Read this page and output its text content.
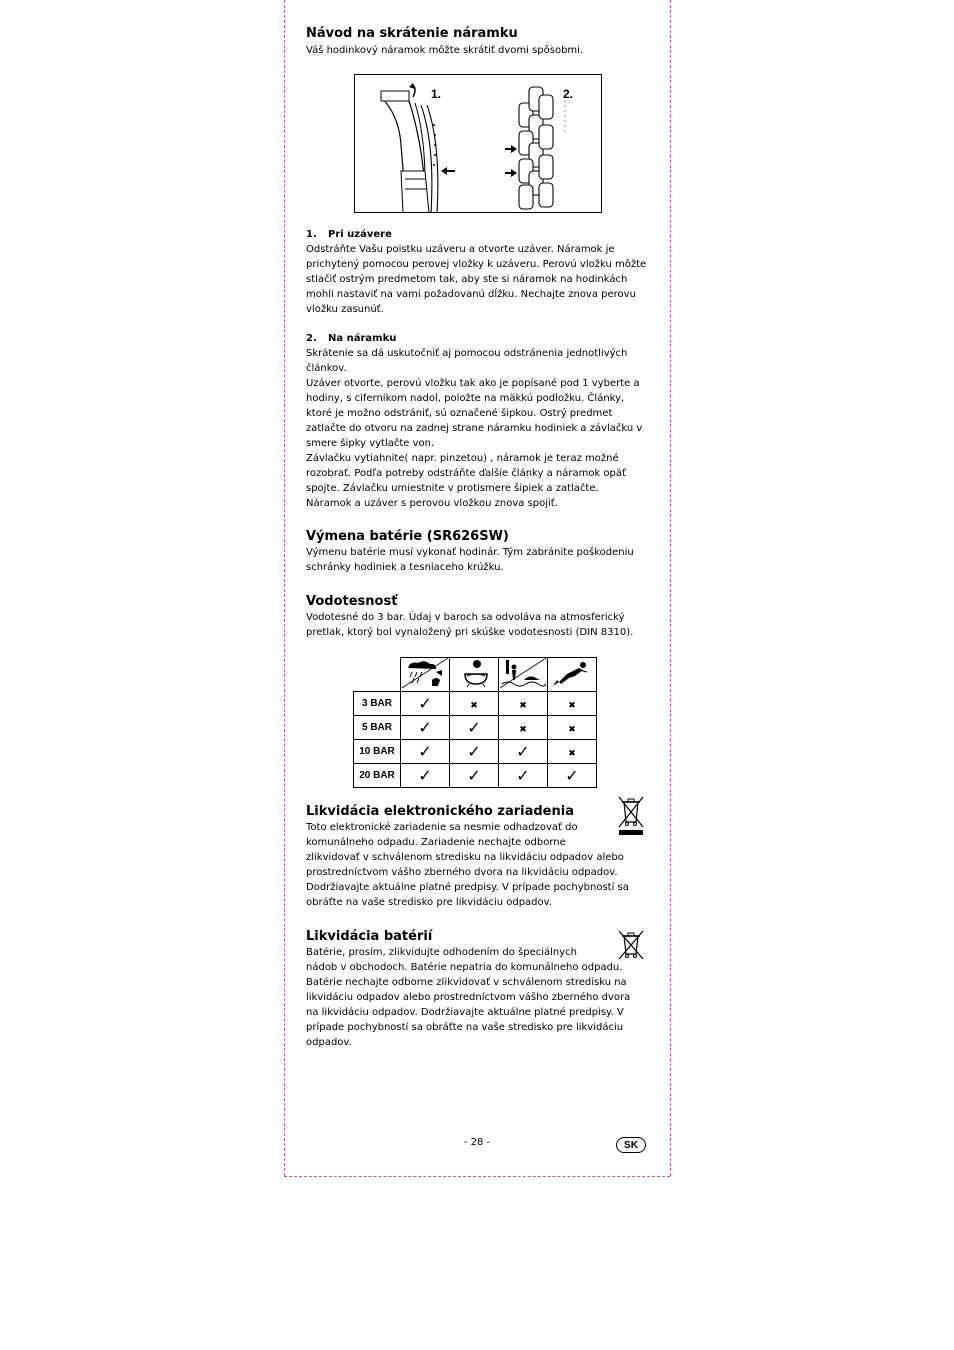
Návod na skrátenie náramku

Váš hodinkový náramok môžte skrátiť dvomi spôsobmi.

1.	2.
1. Pri uzávere

Odstráňte Vašu poistku uzáveru a otvorte uzáver. Náramok je

prichytený pomocou perovej vložky k uzáveru. Perovú vložku môžte

stlačiť ostrým predmetom tak, aby ste si náramok na hodinkách

mohli nastaviť na vami požadovanú dĺžku. Nechajte znova perovu

vložku zasunúť.

2. Na náramku

Skrátenie sa dá uskutočniť aj pomocou odstránenia jednotlivých

článkov.

Uzáver otvorte, perovú vložku tak ako je popísané pod 1 vyberte a

hodiny, s ciferníkom nadol, položte na mäkkú podložku. Články,

ktoré je možno odstrániť, sú označené šipkou. Ostrý predmet

zatlačte do otvoru na zadnej strane náramku hodiniek a závlačku v

smere šipky vytlačte von.

Závlačku vytiahnite( napr. pinzetou) , náramok je teraz možné

rozobrať. Podľa potreby odstráňte ďalšie články a náramok opäť

spojte. Závlačku umiestnite v protismere šipiek a zatlačte.

Náramok a uzáver s perovou vložkou znova spojiť.

Výmena batérie (SR626SW)

Výmenu batérie musí vykonať hodinár. Tým zabránite poškodeniu

schránky hodiniek a tesniaceho krúžku.

Vodotesnosť

Vodotesné do 3 bar. Údaj v baroch sa odvoláva na atmosferický

pretlak, ktorý bol vynaložený pri skúške vodotesnosti (DIN 8310).

3 BAR	✓	✖	✖	✖
5 BAR	✓	✓	✖	✖
10 BAR	✓	✓	✓	✖
20 BAR	✓	✓	✓	✓
Likvidácia elektronického zariadenia

Toto elektronické zariadenie sa nesmie odhadzovať do

komunálneho odpadu. Zariadenie nechajte odborne

zlikvidovať v schválenom stredisku na likvidáciu odpadov alebo

prostredníctvom vášho zberného dvora na likvidáciu odpadov.

Dodržiavajte aktuálne platné predpisy. V prípade pochybností sa

obráťte na vaše stredisko pre likvidáciu odpadov.

Likvidácia batérií

Batérie, prosím, zlikvidujte odhodením do špeciálnych

nádob v obchodoch. Batérie nepatria do komunálneho odpadu.

Batérie nechajte odborne zlikvidovať v schválenom stredisku na

likvidáciu odpadov alebo prostredníctvom vášho zberného dvora

na likvidáciu odpadov. Dodržiavajte aktuálne platné predpisy. V

prípade pochybností sa obráťte na vaše stredisko pre likvidáciu

odpadov.

- 28 -	SK
